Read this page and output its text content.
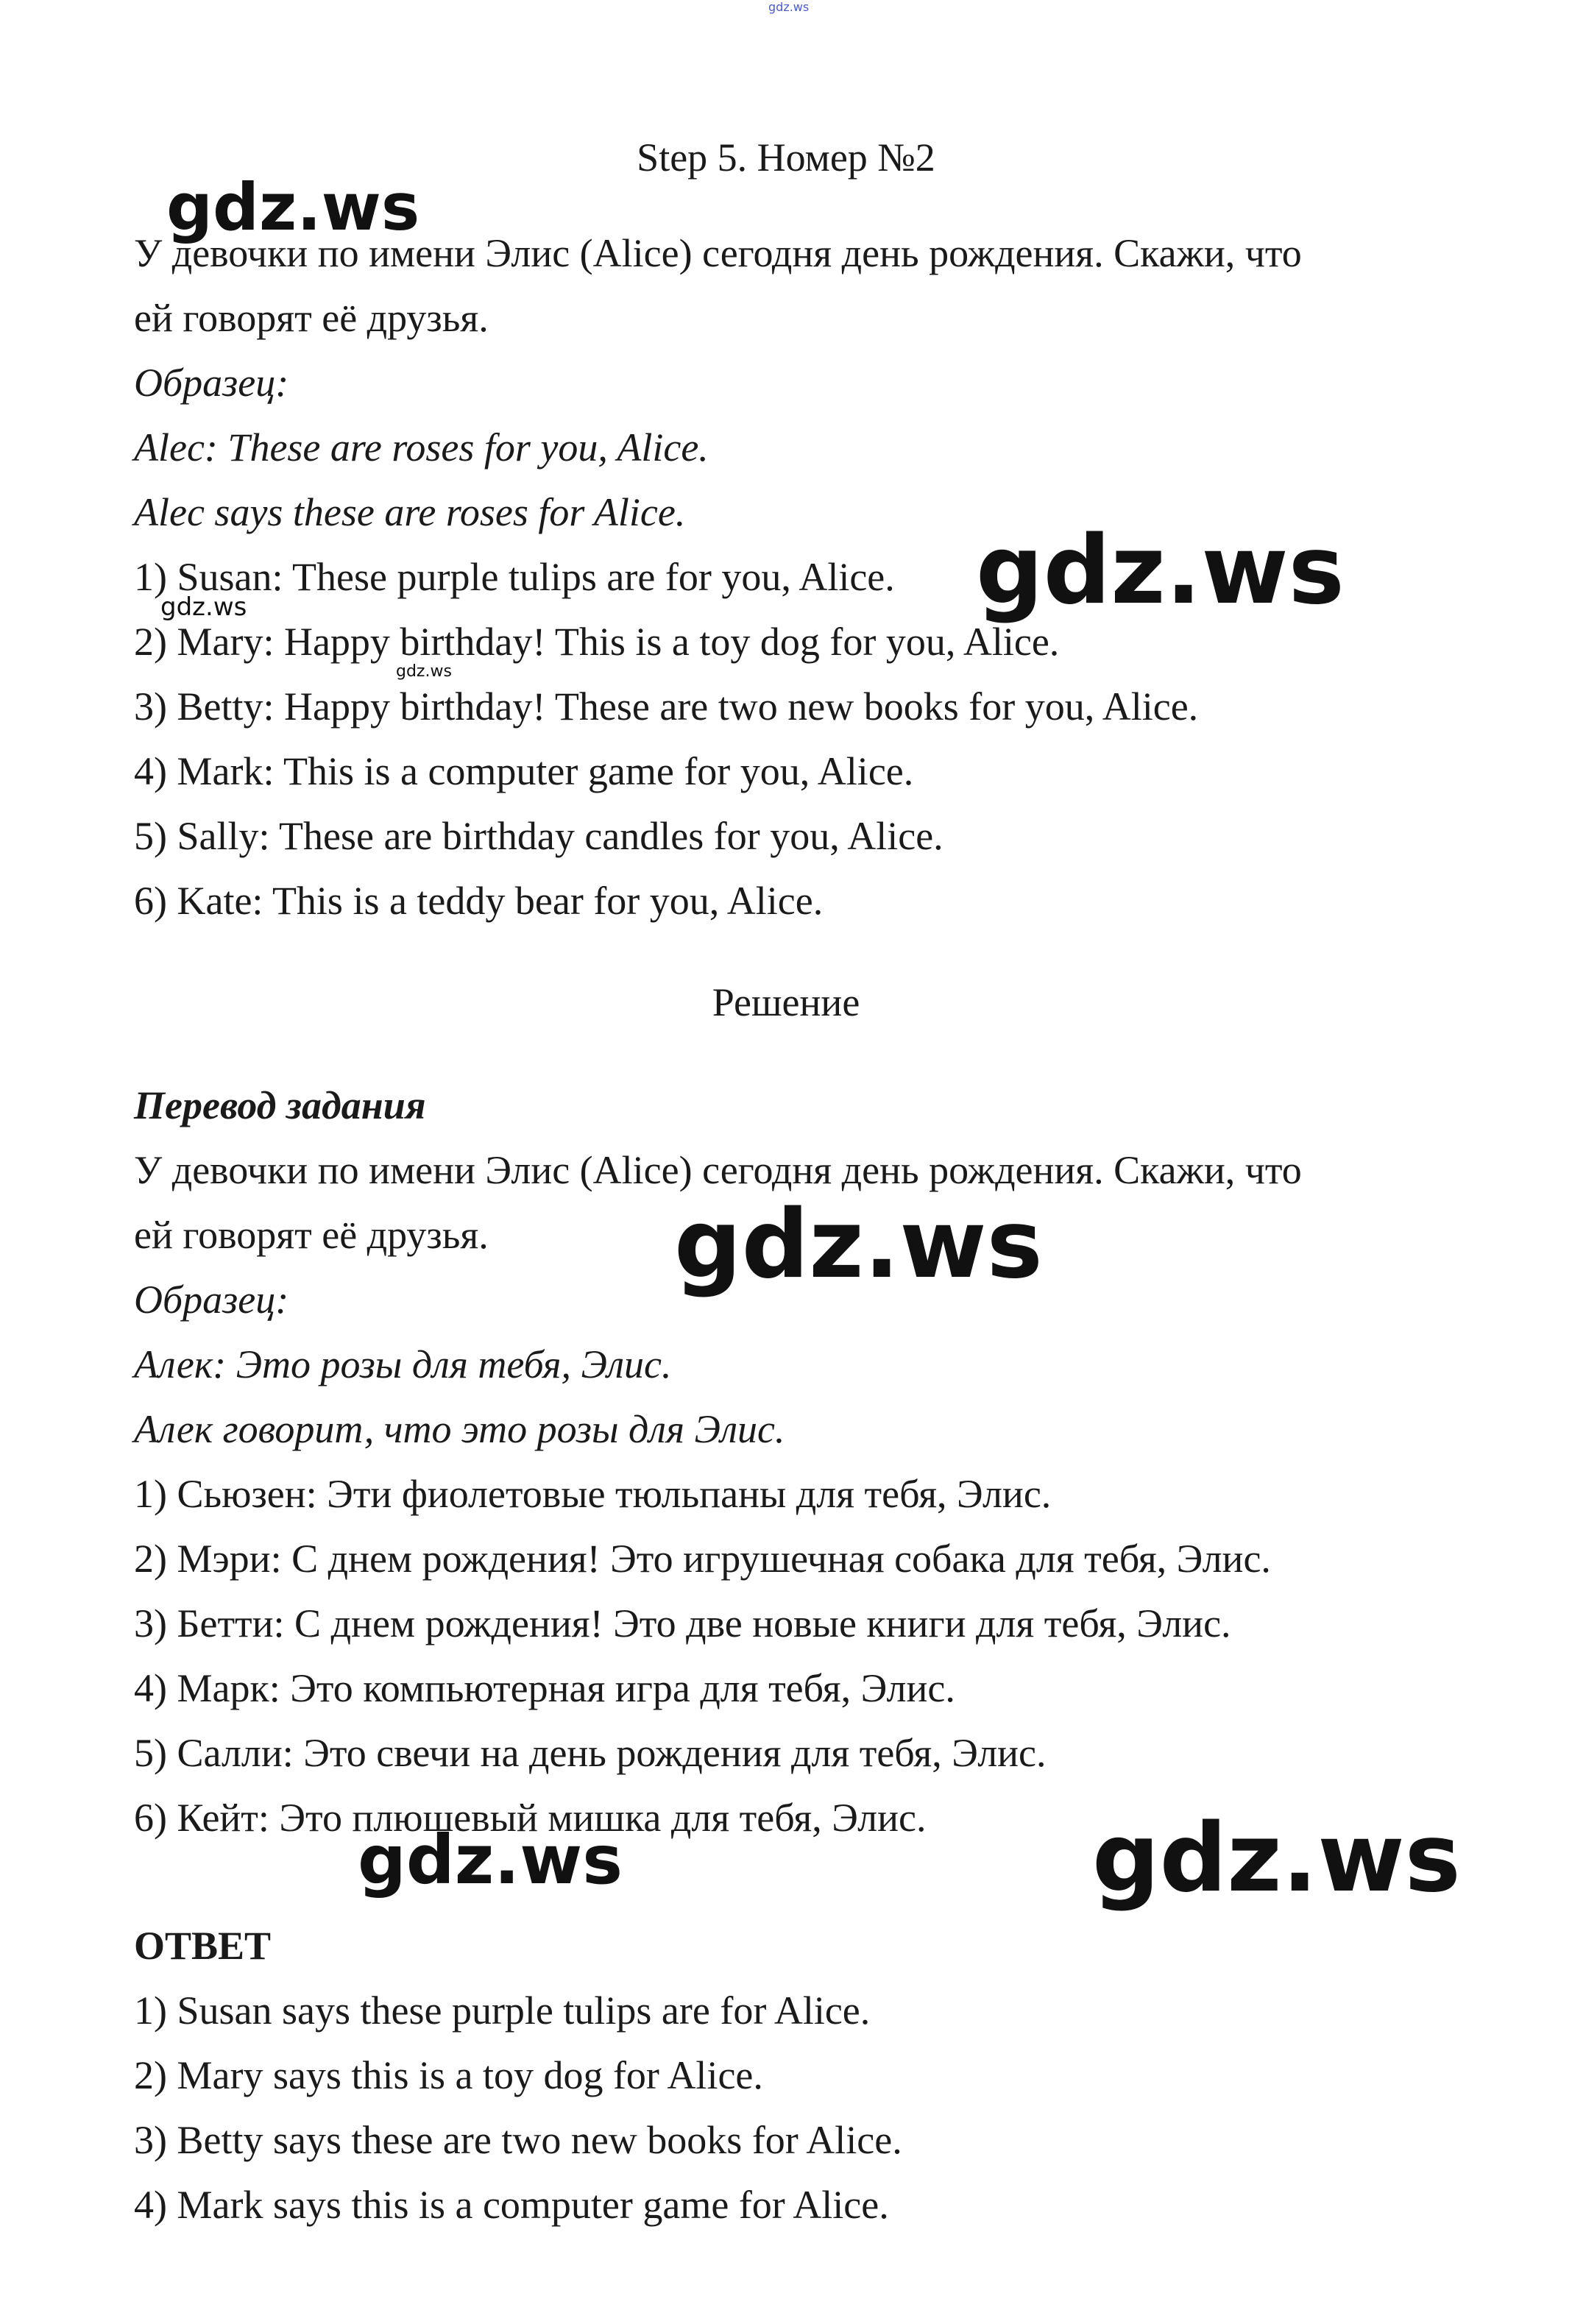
gdz.ws
Step 5. Номер №2
У девочки по имени Элис (Alice) сегодня день рождения. Скажи, что
ей говорят её друзья.
Образец:
Alec: These are roses for you, Alice.
Alec says these are roses for Alice.
1) Susan: These purple tulips are for you, Alice.
2) Mary: Happy birthday! This is a toy dog for you, Alice.
3) Betty: Happy birthday! These are two new books for you, Alice.
4) Mark: This is a computer game for you, Alice.
5) Sally: These are birthday candles for you, Alice.
6) Kate: This is a teddy bear for you, Alice.
Решение
Перевод задания
У девочки по имени Элис (Alice) сегодня день рождения. Скажи, что
ей говорят её друзья.
Образец:
Алек: Это розы для тебя, Элис.
Алек говорит, что это розы для Элис.
1) Сьюзен: Эти фиолетовые тюльпаны для тебя, Элис.
2) Мэри: С днем рождения! Это игрушечная собака для тебя, Элис.
3) Бетти: С днем рождения! Это две новые книги для тебя, Элис.
4) Марк: Это компьютерная игра для тебя, Элис.
5) Салли: Это свечи на день рождения для тебя, Элис.
6) Кейт: Это плюшевый мишка для тебя, Элис.
ОТВЕТ
1) Susan says these purple tulips are for Alice.
2) Mary says this is a toy dog for Alice.
3) Betty says these are two new books for Alice.
4) Mark says this is a computer game for Alice.
gdz.ws
gdz.ws
gdz.ws
gdz.ws
gdz.ws
gdz.ws	gdz.ws
